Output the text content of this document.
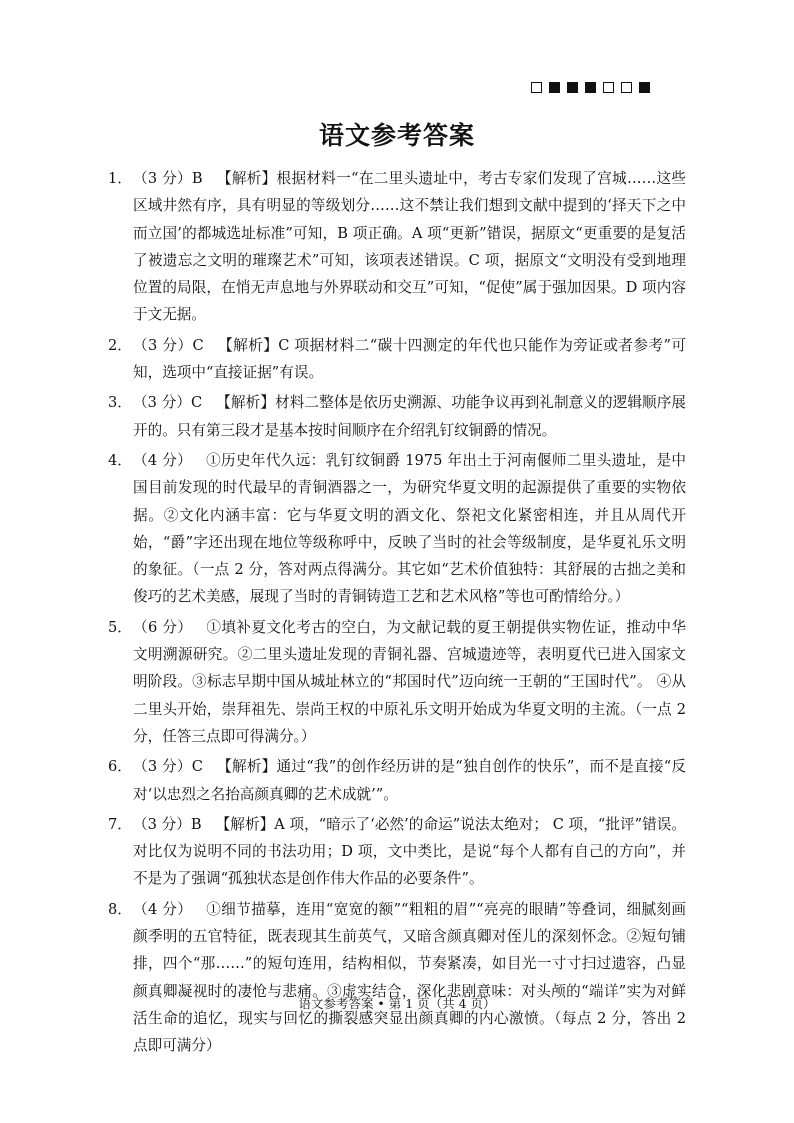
语文参考答案
1． （3 分）B 【解析】根据材料一“在二里头遗址中，考古专家们发现了宫城……这些区域井然有序，具有明显的等级划分……这不禁让我们想到文献中提到的‘择天下之中而立国’的都城选址标准”可知，B 项正确。A 项“更新”错误，据原文“更重要的是复活了被遗忘之文明的璀璨艺术”可知，该项表述错误。C 项，据原文“文明没有受到地理位置的局限，在悄无声息地与外界联动和交互”可知，“促使”属于强加因果。D 项内容于文无据。
2． （3 分）C 【解析】C 项据材料二“碳十四测定的年代也只能作为旁证或者参考”可知，选项中“直接证据”有误。
3． （3 分）C 【解析】材料二整体是依历史溯源、功能争议再到礼制意义的逻辑顺序展开的。只有第三段才是基本按时间顺序在介绍乳钉纹铜爵的情况。
4． （4 分） ①历史年代久远：乳钉纹铜爵 1975 年出土于河南偃师二里头遗址，是中国目前发现的时代最早的青铜酒器之一，为研究华夏文明的起源提供了重要的实物依据。②文化内涵丰富：它与华夏文明的酒文化、祭祀文化紧密相连，并且从周代开始，“爵”字还出现在地位等级称呼中，反映了当时的社会等级制度，是华夏礼乐文明的象征。（一点 2 分，答对两点得满分。其它如“艺术价值独特：其舒展的古拙之美和俊巧的艺术美感，展现了当时的青铜铸造工艺和艺术风格”等也可酌情给分。）
5． （6 分） ①填补夏文化考古的空白，为文献记载的夏王朝提供实物佐证，推动中华文明溯源研究。②二里头遗址发现的青铜礼器、宫城遗迹等，表明夏代已进入国家文明阶段。③标志早期中国从城址林立的“邦国时代”迈向统一王朝的“王国时代”。 ④从二里头开始，崇拜祖先、崇尚王权的中原礼乐文明开始成为华夏文明的主流。（一点 2 分，任答三点即可得满分。）
6． （3 分）C 【解析】通过“我”的创作经历讲的是“独自创作的快乐”，而不是直接“反对‘以忠烈之名抬高颜真卿的艺术成就’”。
7． （3 分）B 【解析】A 项，“暗示了‘必然’的命运”说法太绝对； C 项，“批评”错误。对比仅为说明不同的书法功用；D 项，文中类比，是说“每个人都有自己的方向”，并不是为了强调“孤独状态是创作伟大作品的必要条件”。
8． （4 分） ①细节描摹，连用“宽宽的额”“粗粗的眉”“亮亮的眼睛”等叠词，细腻刻画颜季明的五官特征，既表现其生前英气，又暗含颜真卿对侄儿的深刻怀念。②短句铺排，四个“那……”的短句连用，结构相似，节奏紧凑，如目光一寸寸扫过遗容，凸显颜真卿凝视时的凄怆与悲痛。③虚实结合，深化悲剧意味：对头颅的“端详”实为对鲜活生命的追忆，现实与回忆的撕裂感突显出颜真卿的内心激愤。（每点 2 分，答出 2 点即可满分）
语文参考答案 • 第 1 页（共 4 页）
